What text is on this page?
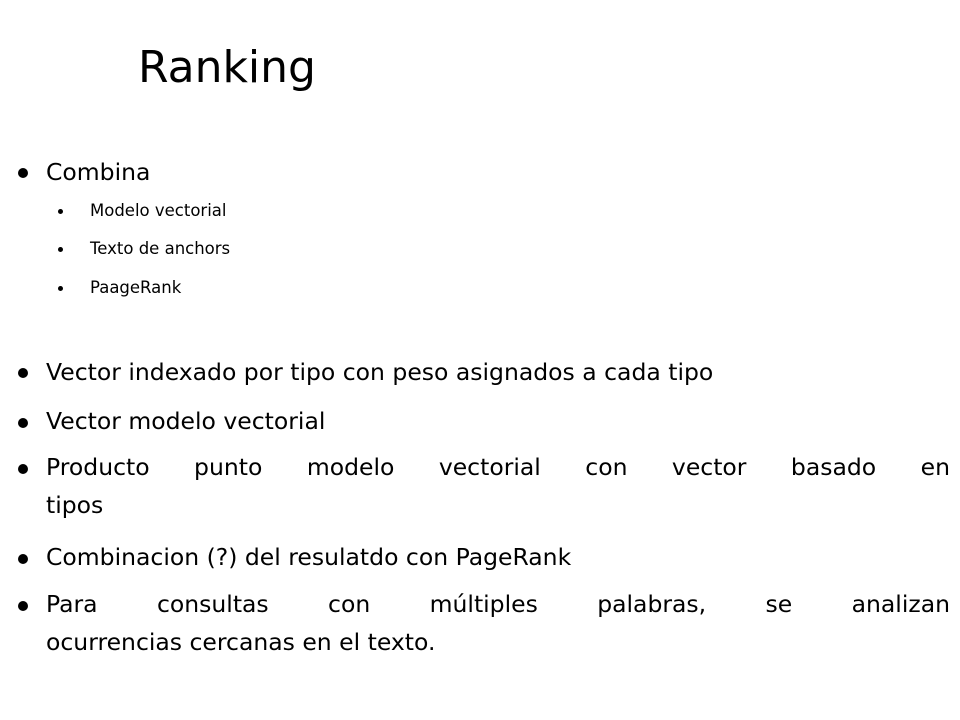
Ranking
Combina
Modelo vectorial
Texto de anchors
PaageRank
Vector indexado por tipo con peso asignados a cada tipo
Vector modelo vectorial
Producto punto modelo vectorial con vector basado en
tipos
Combinacion (?) del resulatdo con PageRank
Para consultas con múltiples palabras, se analizan
ocurrencias cercanas en el texto.
